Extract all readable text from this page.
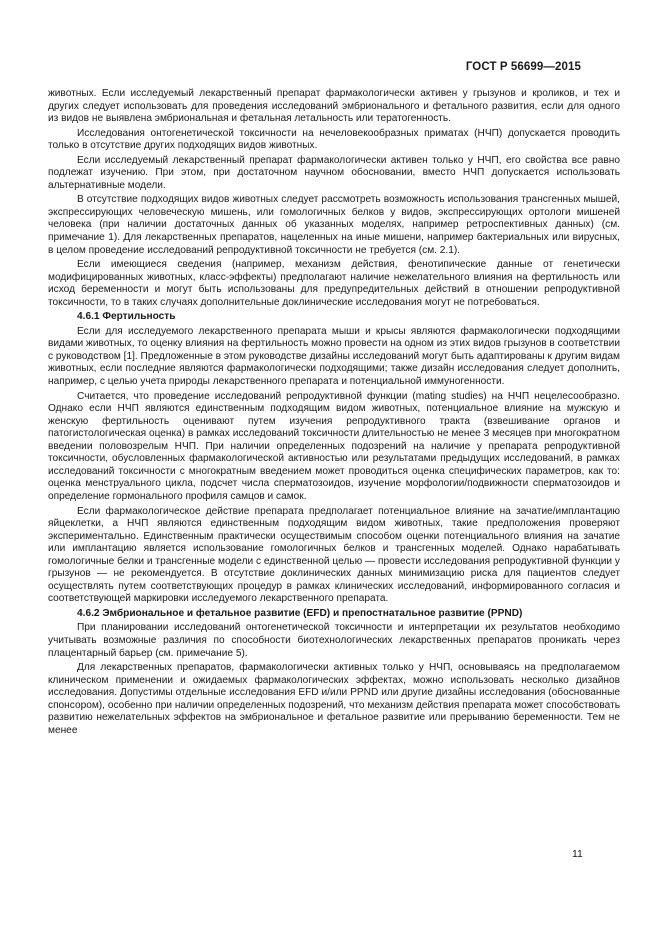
ГОСТ Р 56699—2015

животных. Если исследуемый лекарственный препарат фармакологически активен у грызунов и кроликов, и тех и других следует использовать для проведения исследований эмбрионального и фетального развития, если для одного из видов не выявлена эмбриональная и фетальная летальность или тератогенность.

Исследования онтогенетической токсичности на нечеловекообразных приматах (НЧП) допускается проводить только в отсутствие других подходящих видов животных.

Если исследуемый лекарственный препарат фармакологически активен только у НЧП, его свойства все равно подлежат изучению. При этом, при достаточном научном обосновании, вместо НЧП допускается использовать альтернативные модели.

В отсутствие подходящих видов животных следует рассмотреть возможность использования трансгенных мышей, экспрессирующих человеческую мишень, или гомологичных белков у видов, экспрессирующих ортологи мишеней человека (при наличии достаточных данных об указанных моделях, например ретроспективных данных) (см. примечание 1). Для лекарственных препаратов, нацеленных на иные мишени, например бактериальных или вирусных, в целом проведение исследований репродуктивной токсичности не требуется (см. 2.1).

Если имеющиеся сведения (например, механизм действия, фенотипические данные от генетически модифицированных животных, класс-эффекты) предполагают наличие нежелательного влияния на фертильность или исход беременности и могут быть использованы для предупредительных действий в отношении репродуктивной токсичности, то в таких случаях дополнительные доклинические исследования могут не потребоваться.

4.6.1 Фертильность

Если для исследуемого лекарственного препарата мыши и крысы являются фармакологически подходящими видами животных, то оценку влияния на фертильность можно провести на одном из этих видов грызунов в соответствии с руководством [1]. Предложенные в этом руководстве дизайны исследований могут быть адаптированы к другим видам животных, если последние являются фармакологически подходящими; также дизайн исследования следует дополнить, например, с целью учета природы лекарственного препарата и потенциальной иммуногенности.

Считается, что проведение исследований репродуктивной функции (mating studies) на НЧП нецелесообразно. Однако если НЧП являются единственным подходящим видом животных, потенциальное влияние на мужскую и женскую фертильность оценивают путем изучения репродуктивного тракта (взвешивание органов и патогистологическая оценка) в рамках исследований токсичности длительностью не менее 3 месяцев при многократном введении половозрелым НЧП. При наличии определенных подозрений на наличие у препарата репродуктивной токсичности, обусловленных фармакологической активностью или результатами предыдущих исследований, в рамках исследований токсичности с многократным введением может проводиться оценка специфических параметров, как то: оценка менструального цикла, подсчет числа сперматозоидов, изучение морфологии/подвижности сперматозоидов и определение гормонального профиля самцов и самок.

Если фармакологическое действие препарата предполагает потенциальное влияние на зачатие/имплантацию яйцеклетки, а НЧП являются единственным подходящим видом животных, такие предположения проверяют экспериментально. Единственным практически осуществимым способом оценки потенциального влияния на зачатие или имплантацию является использование гомологичных белков и трансгенных моделей. Однако нарабатывать гомологичные белки и трансгенные модели с единственной целью — провести исследования репродуктивной функции у грызунов — не рекомендуется. В отсутствие доклинических данных минимизацию риска для пациентов следует осуществлять путем соответствующих процедур в рамках клинических исследований, информированного согласия и соответствующей маркировки исследуемого лекарственного препарата.

4.6.2 Эмбриональное и фетальное развитие (EFD) и препостнатальное развитие (PPND)

При планировании исследований онтогенетической токсичности и интерпретации их результатов необходимо учитывать возможные различия по способности биотехнологических лекарственных препаратов проникать через плацентарный барьер (см. примечание 5).

Для лекарственных препаратов, фармакологически активных только у НЧП, основываясь на предполагаемом клиническом применении и ожидаемых фармакологических эффектах, можно использовать несколько дизайнов исследования. Допустимы отдельные исследования EFD и/или PPND или другие дизайны исследования (обоснованные спонсором), особенно при наличии определенных подозрений, что механизм действия препарата может способствовать развитию нежелательных эффектов на эмбриональное и фетальное развитие или прерыванию беременности. Тем не менее

11
